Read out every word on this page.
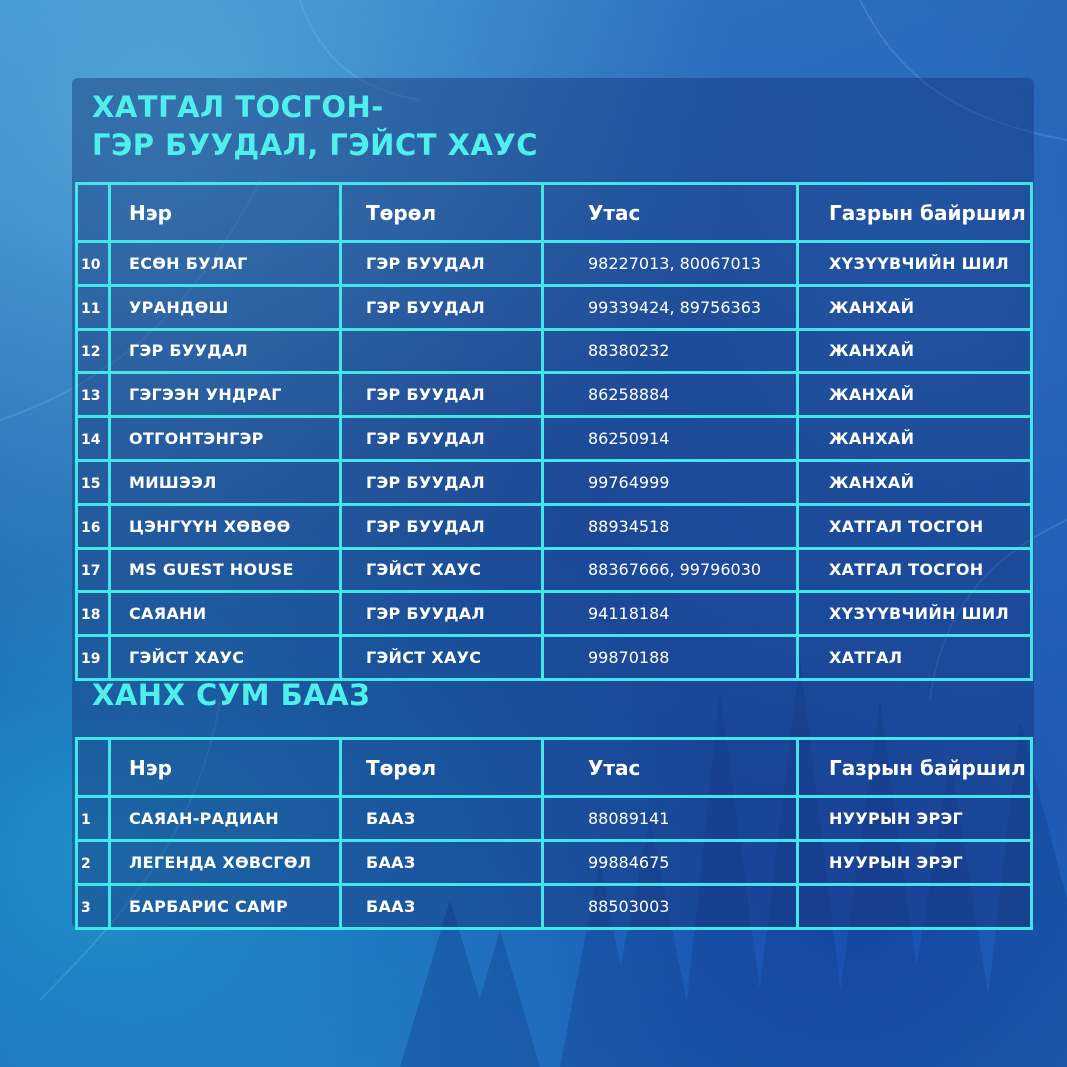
ХАТГАЛ ТОСГОН-
ГЭР БУУДАЛ, ГЭЙСТ ХАУС
	Нэр	Төрөл	Утас	Газрын байршил
10	ЕСӨН БУЛАГ	ГЭР БУУДАЛ	98227013, 80067013	ХҮЗҮҮВЧИЙН ШИЛ
11	УРАНДӨШ	ГЭР БУУДАЛ	99339424, 89756363	ЖАНХАЙ
12	ГЭР БУУДАЛ		88380232	ЖАНХАЙ
13	ГЭГЭЭН УНДРАГ	ГЭР БУУДАЛ	86258884	ЖАНХАЙ
14	ОТГОНТЭНГЭР	ГЭР БУУДАЛ	86250914	ЖАНХАЙ
15	МИШЭЭЛ	ГЭР БУУДАЛ	99764999	ЖАНХАЙ
16	ЦЭНГҮҮН ХӨВӨӨ	ГЭР БУУДАЛ	88934518	ХАТГАЛ ТОСГОН
17	MS GUEST HOUSE	ГЭЙСТ ХАУС	88367666, 99796030	ХАТГАЛ ТОСГОН
18	САЯАНИ	ГЭР БУУДАЛ	94118184	ХҮЗҮҮВЧИЙН ШИЛ
19	ГЭЙСТ ХАУС	ГЭЙСТ ХАУС	99870188	ХАТГАЛ
ХАНХ СУМ БААЗ
	Нэр	Төрөл	Утас	Газрын байршил
1	САЯАН-РАДИАН	БААЗ	88089141	НУУРЫН ЭРЭГ
2	ЛЕГЕНДА ХӨВСГӨЛ	БААЗ	99884675	НУУРЫН ЭРЭГ
3	БАРБАРИС САМР	БААЗ	88503003	
